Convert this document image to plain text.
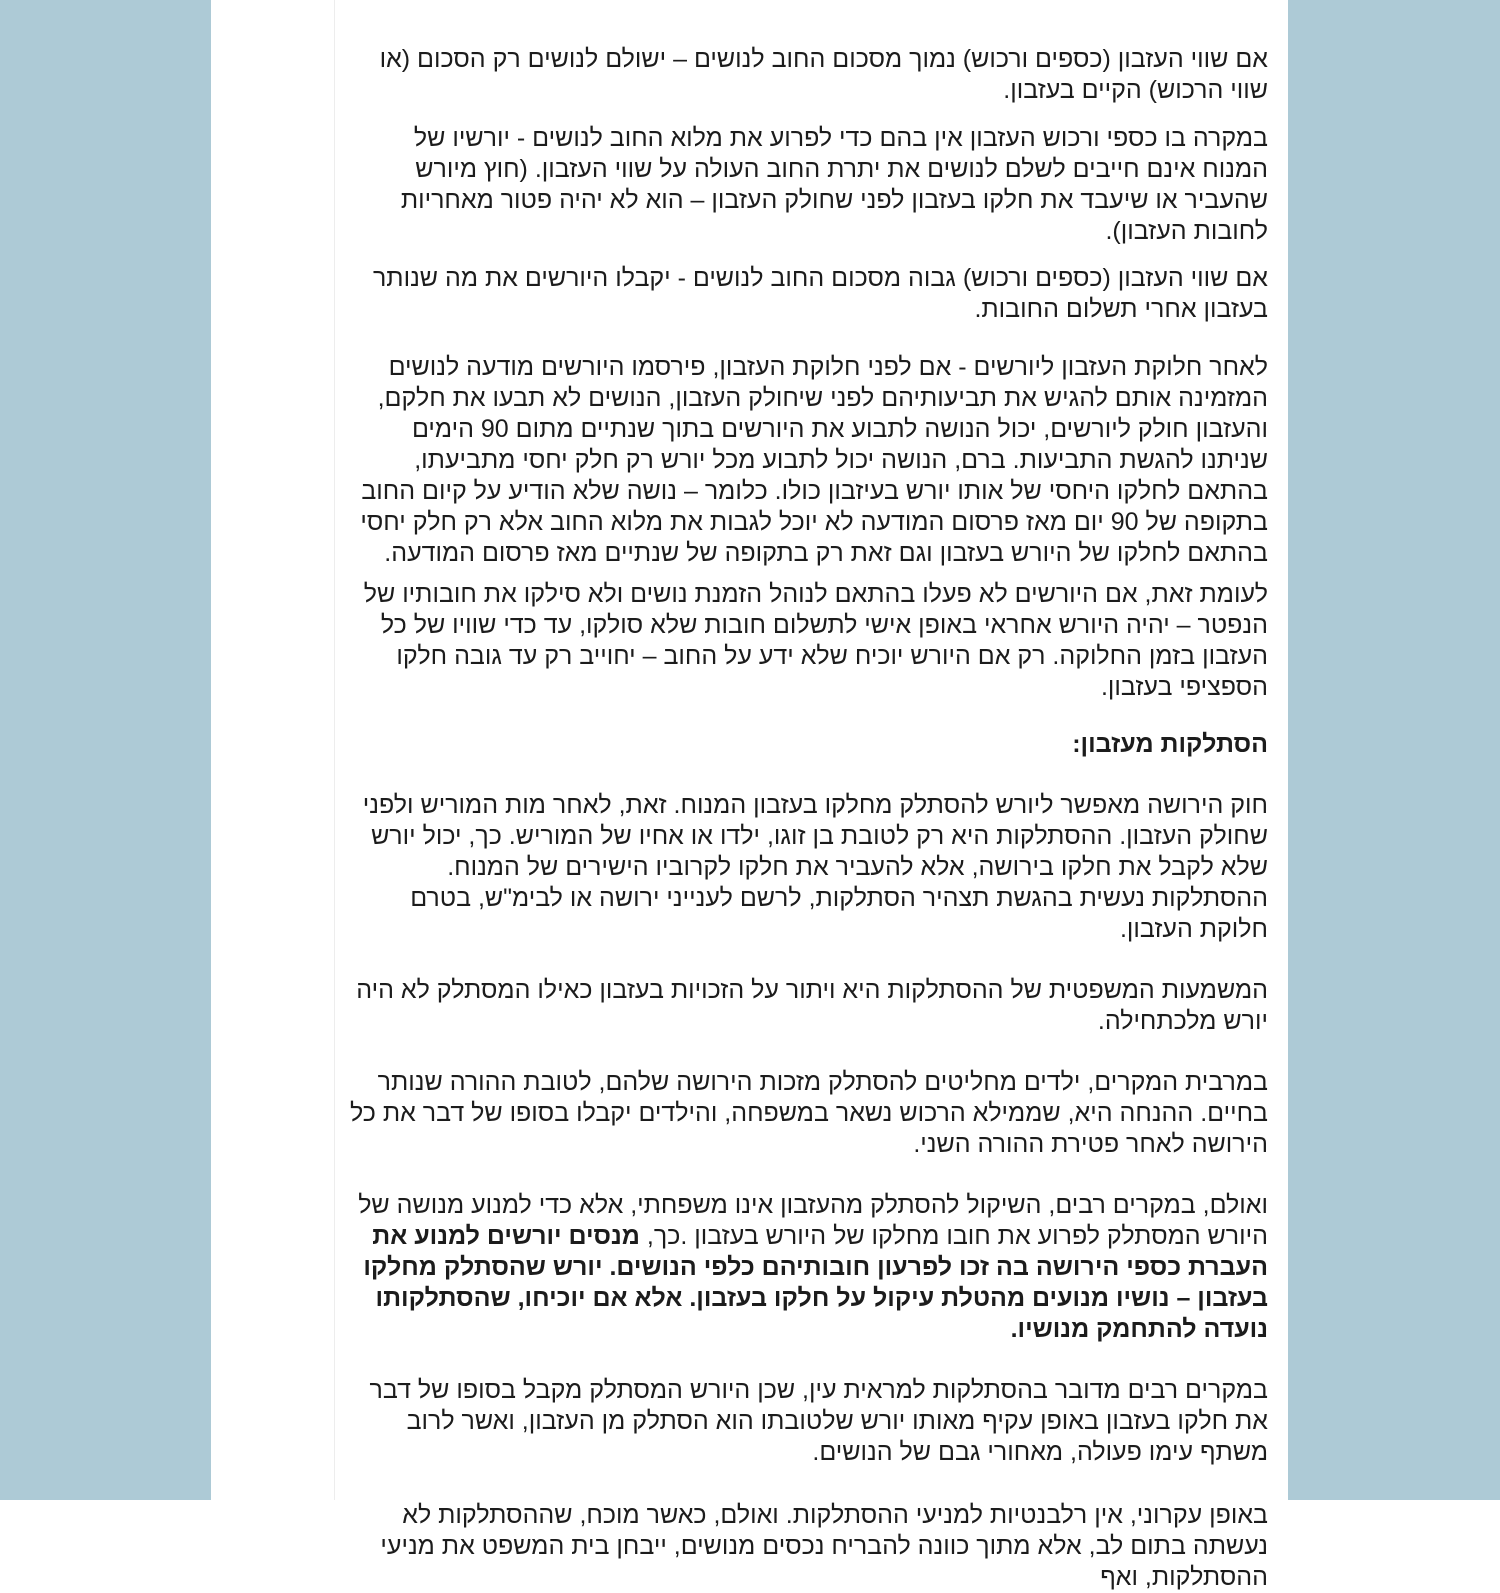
אם שווי העזבון (כספים ורכוש) נמוך מסכום החוב לנושים – ישולם לנושים רק הסכום (או שווי הרכוש) הקיים בעזבון.

במקרה בו כספי ורכוש העזבון אין בהם כדי לפרוע את מלוא החוב לנושים - יורשיו של המנוח אינם חייבים לשלם לנושים את יתרת החוב העולה על שווי העזבון. (חוץ מיורש שהעביר או שיעבד את חלקו בעזבון לפני שחולק העזבון – הוא לא יהיה פטור מאחריות לחובות העזבון).

אם שווי העזבון (כספים ורכוש) גבוה מסכום החוב לנושים - יקבלו היורשים את מה שנותר בעזבון אחרי תשלום החובות.

לאחר חלוקת העזבון ליורשים - אם לפני חלוקת העזבון, פירסמו היורשים מודעה לנושים המזמינה אותם להגיש את תביעותיהם לפני שיחולק העזבון, הנושים לא תבעו את חלקם, והעזבון חולק ליורשים, יכול הנושה לתבוע את היורשים בתוך שנתיים מתום 90 הימים שניתנו להגשת התביעות. ברם, הנושה יכול לתבוע מכל יורש רק חלק יחסי מתביעתו, בהתאם לחלקו היחסי של אותו יורש בעיזבון כולו. כלומר – נושה שלא הודיע על קיום החוב בתקופה של 90 יום מאז פרסום המודעה לא יוכל לגבות את מלוא החוב אלא רק חלק יחסי בהתאם לחלקו של היורש בעזבון וגם זאת רק בתקופה של שנתיים מאז פרסום המודעה.

לעומת זאת, אם היורשים לא פעלו בהתאם לנוהל הזמנת נושים ולא סילקו את חובותיו של הנפטר – יהיה היורש אחראי באופן אישי לתשלום חובות שלא סולקו, עד כדי שוויו של כל העזבון בזמן החלוקה. רק אם היורש יוכיח שלא ידע על החוב – יחוייב רק עד גובה חלקו הספציפי בעזבון.

הסתלקות מעזבון:

חוק הירושה מאפשר ליורש להסתלק מחלקו בעזבון המנוח. זאת, לאחר מות המוריש ולפני שחולק העזבון. ההסתלקות היא רק לטובת בן זוגו, ילדו או אחיו של המוריש. כך, יכול יורש שלא לקבל את חלקו בירושה, אלא להעביר את חלקו לקרוביו הישירים של המנוח. ההסתלקות נעשית בהגשת תצהיר הסתלקות, לרשם לענייני ירושה או לבימ"ש, בטרם חלוקת העזבון.

המשמעות המשפטית של ההסתלקות היא ויתור על הזכויות בעזבון כאילו המסתלק לא היה יורש מלכתחילה.

במרבית המקרים, ילדים מחליטים להסתלק מזכות הירושה שלהם, לטובת ההורה שנותר בחיים. ההנחה היא, שממילא הרכוש נשאר במשפחה, והילדים יקבלו בסופו של דבר את כל הירושה לאחר פטירת ההורה השני.

ואולם, במקרים רבים, השיקול להסתלק מהעזבון אינו משפחתי, אלא כדי למנוע מנושה של היורש המסתלק לפרוע את חובו מחלקו של היורש בעזבון .כך, מנסים יורשים למנוע את העברת כספי הירושה בה זכו לפרעון חובותיהם כלפי הנושים. יורש שהסתלק מחלקו בעזבון – נושיו מנועים מהטלת עיקול על חלקו בעזבון. אלא אם יוכיחו, שהסתלקותו נועדה להתחמק מנושיו.

במקרים רבים מדובר בהסתלקות למראית עין, שכן היורש המסתלק מקבל בסופו של דבר את חלקו בעזבון באופן עקיף מאותו יורש שלטובתו הוא הסתלק מן העזבון, ואשר לרוב משתף עימו פעולה, מאחורי גבם של הנושים.

באופן עקרוני, אין רלבנטיות למניעי ההסתלקות. ואולם, כאשר מוכח, שההסתלקות לא נעשתה בתום לב, אלא מתוך כוונה להבריח נכסים מנושים, ייבחן בית המשפט את מניעי ההסתלקות, ואף
